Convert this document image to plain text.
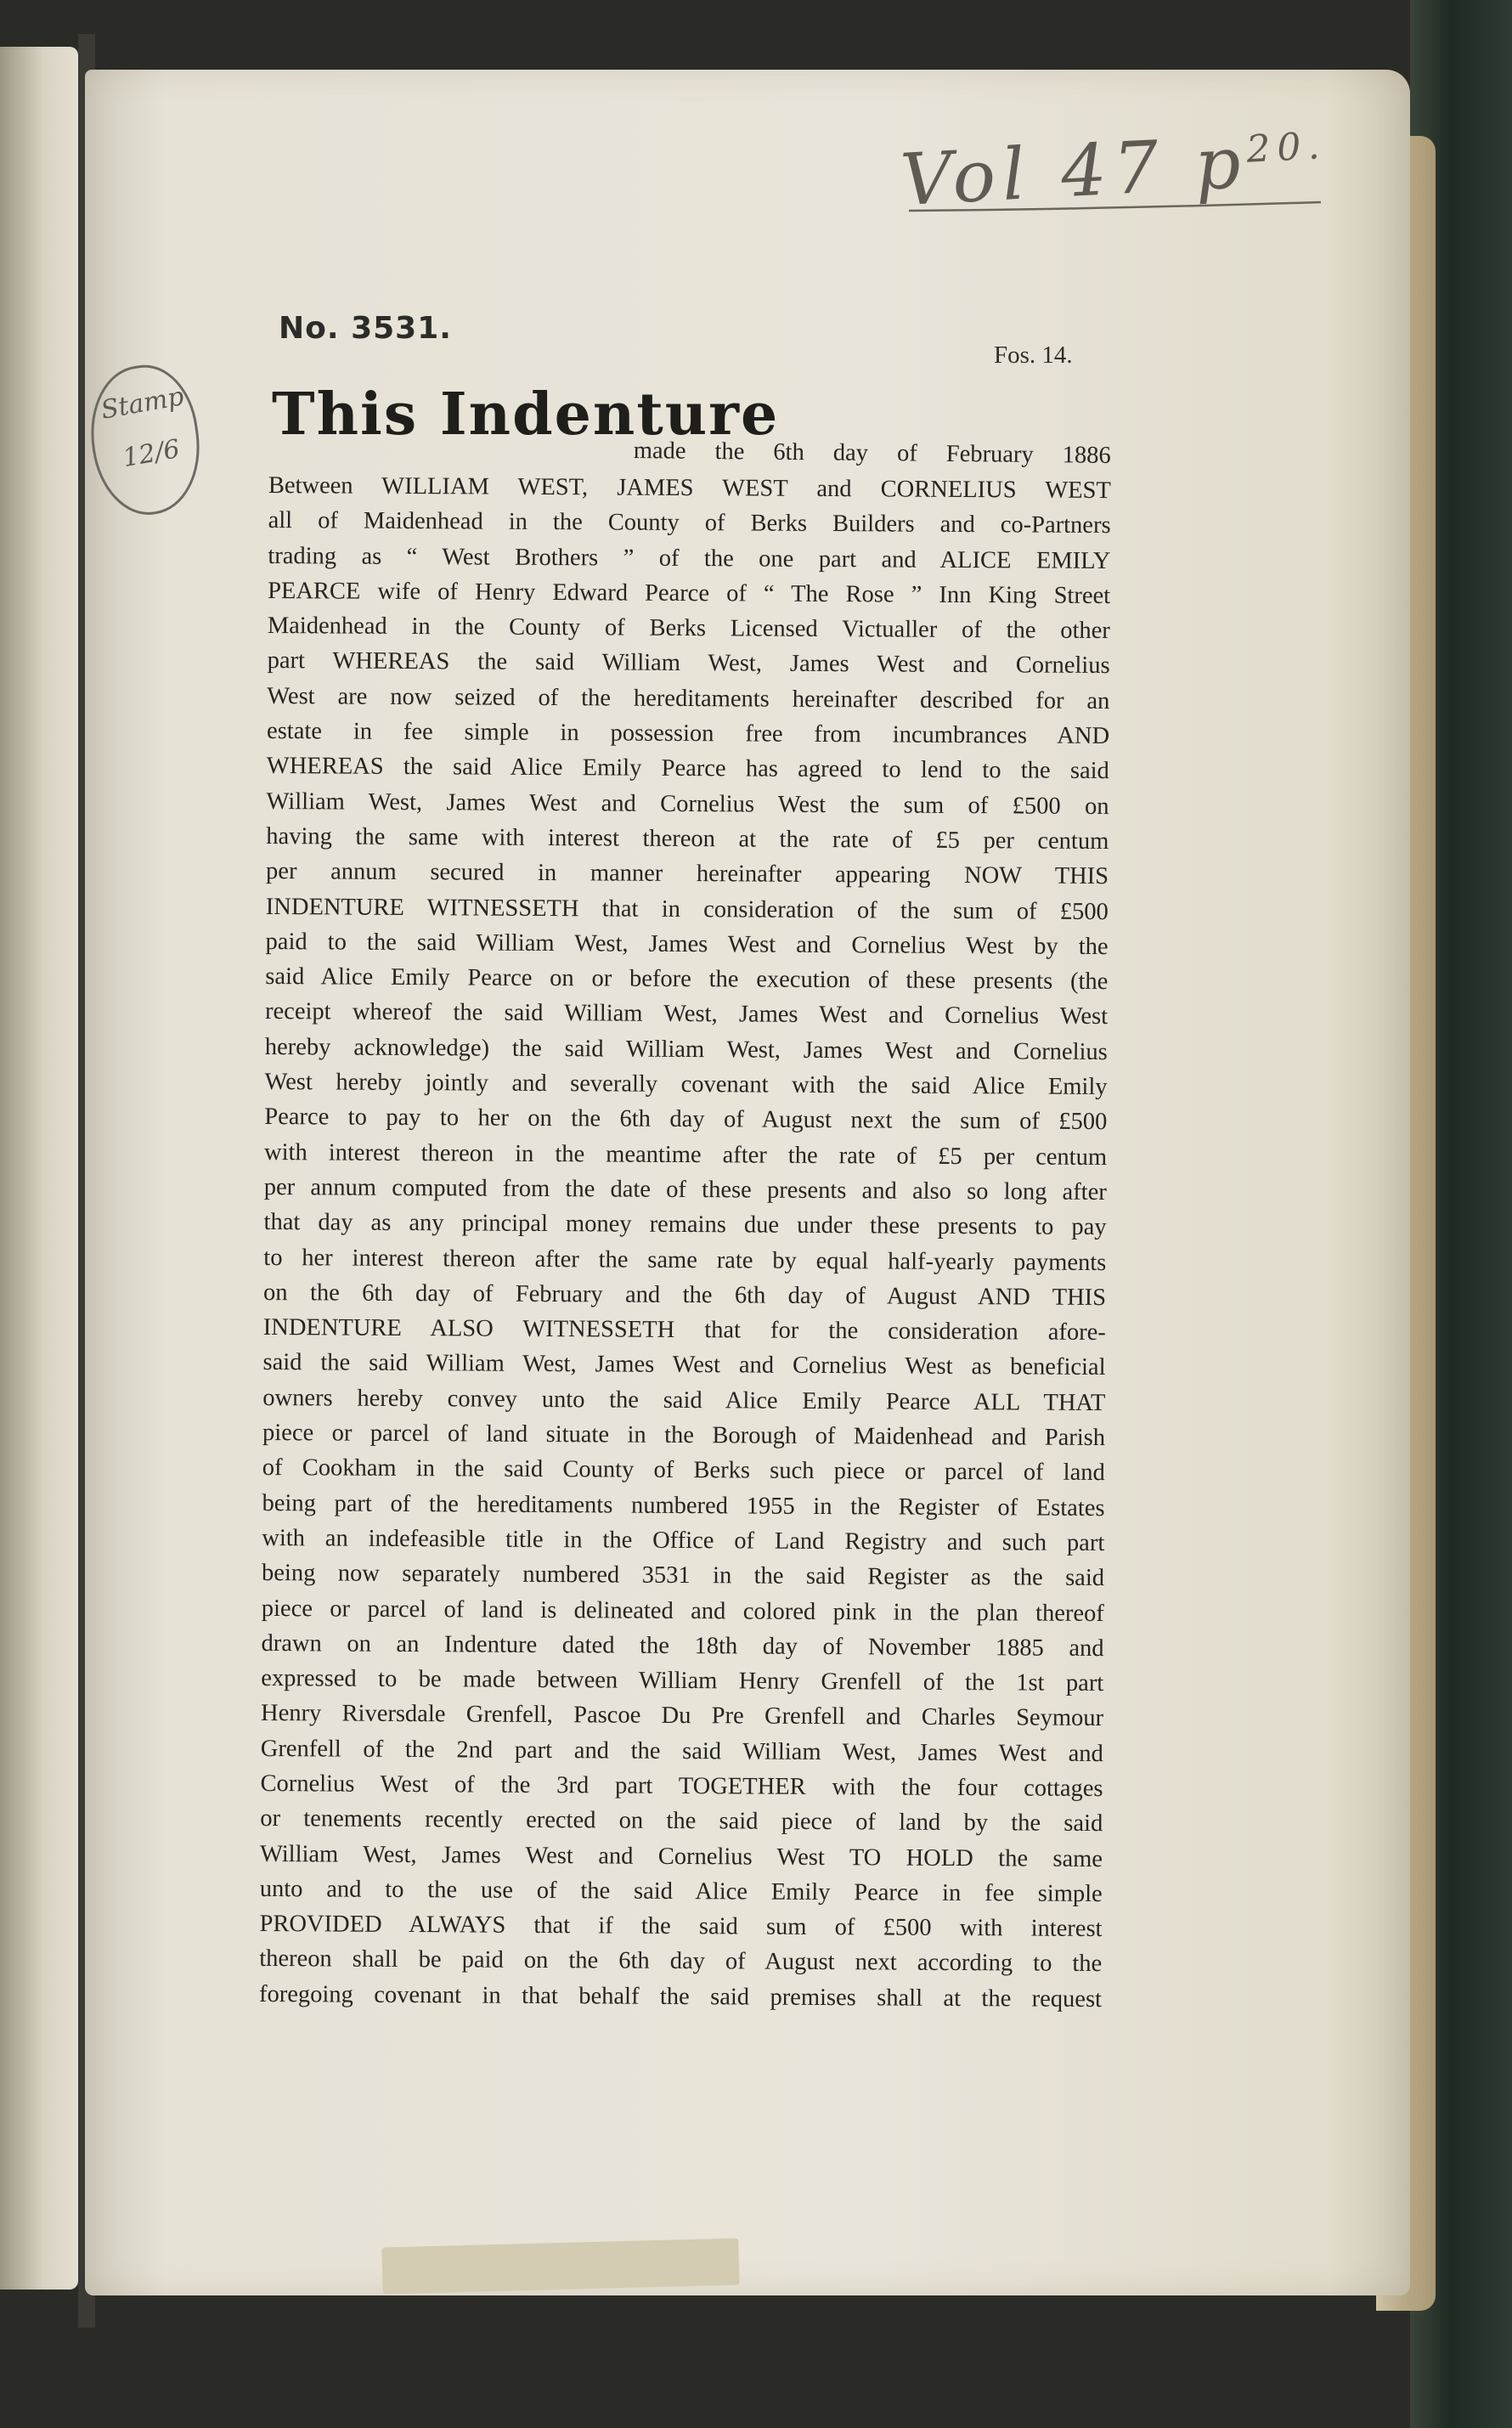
Vol 47 $p^{20.}$
Stamp
12/6
No. 3531.
Fos. 14.
This Indenture
made the 6th day of February 1886
Between WILLIAM WEST, JAMES WEST and CORNELIUS WEST
all of Maidenhead in the County of Berks Builders and co-Partners
trading as “ West Brothers ” of the one part and ALICE EMILY
PEARCE wife of Henry Edward Pearce of “ The Rose ” Inn King Street
Maidenhead in the County of Berks Licensed Victualler of the other
part WHEREAS the said William West, James West and Cornelius
West are now seized of the hereditaments hereinafter described for an
estate in fee simple in possession free from incumbrances AND
WHEREAS the said Alice Emily Pearce has agreed to lend to the said
William West, James West and Cornelius West the sum of £500 on
having the same with interest thereon at the rate of £5 per centum
per annum secured in manner hereinafter appearing NOW THIS
INDENTURE WITNESSETH that in consideration of the sum of £500
paid to the said William West, James West and Cornelius West by the
said Alice Emily Pearce on or before the execution of these presents (the
receipt whereof the said William West, James West and Cornelius West
hereby acknowledge) the said William West, James West and Cornelius
West hereby jointly and severally covenant with the said Alice Emily
Pearce to pay to her on the 6th day of August next the sum of £500
with interest thereon in the meantime after the rate of £5 per centum
per annum computed from the date of these presents and also so long after
that day as any principal money remains due under these presents to pay
to her interest thereon after the same rate by equal half-yearly payments
on the 6th day of February and the 6th day of August AND THIS
INDENTURE ALSO WITNESSETH that for the consideration afore-
said the said William West, James West and Cornelius West as beneficial
owners hereby convey unto the said Alice Emily Pearce ALL THAT
piece or parcel of land situate in the Borough of Maidenhead and Parish
of Cookham in the said County of Berks such piece or parcel of land
being part of the hereditaments numbered 1955 in the Register of Estates
with an indefeasible title in the Office of Land Registry and such part
being now separately numbered 3531 in the said Register as the said
piece or parcel of land is delineated and colored pink in the plan thereof
drawn on an Indenture dated the 18th day of November 1885 and
expressed to be made between William Henry Grenfell of the 1st part
Henry Riversdale Grenfell, Pascoe Du Pre Grenfell and Charles Seymour
Grenfell of the 2nd part and the said William West, James West and
Cornelius West of the 3rd part TOGETHER with the four cottages
or tenements recently erected on the said piece of land by the said
William West, James West and Cornelius West TO HOLD the same
unto and to the use of the said Alice Emily Pearce in fee simple
PROVIDED ALWAYS that if the said sum of £500 with interest
thereon shall be paid on the 6th day of August next according to the
foregoing covenant in that behalf the said premises shall at the request
